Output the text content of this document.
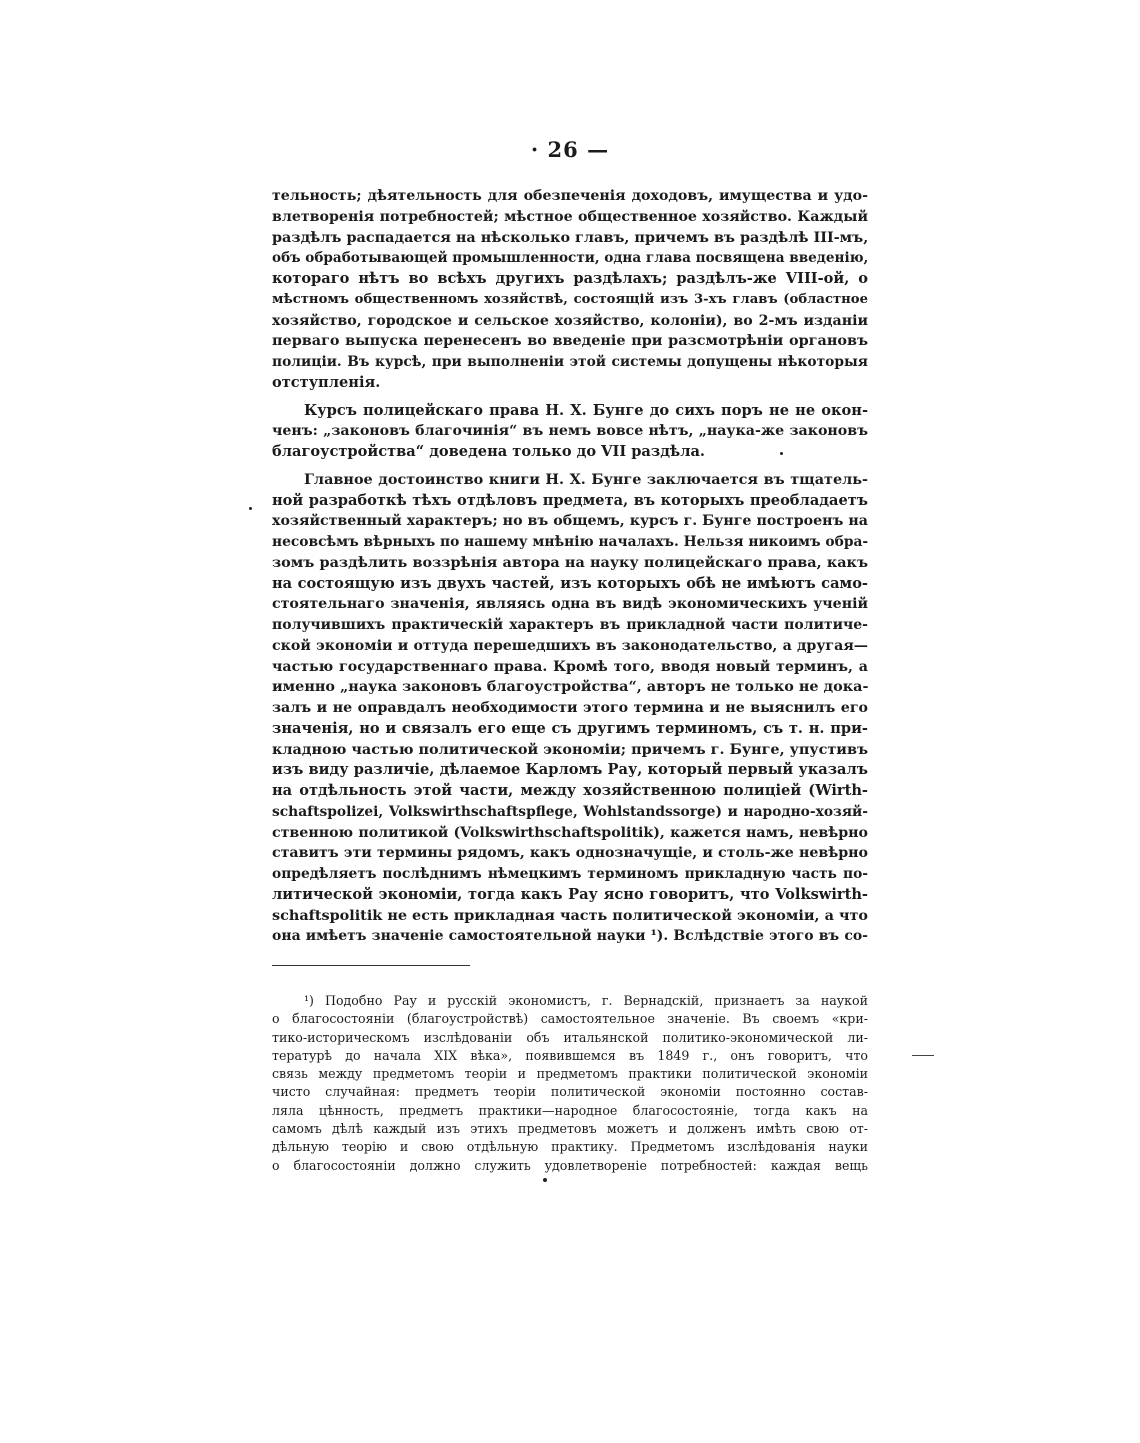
· 26 —
тельность; дѣятельность для обезпеченія доходовъ, имущества и удо-
влетворенія потребностей; мѣстное общественное хозяйство. Каждый
раздѣлъ распадается на нѣсколько главъ, причемъ въ раздѣлѣ III-мъ,
объ обработывающей промышленности, одна глава посвящена введенію,
котораго нѣтъ во всѣхъ другихъ раздѣлахъ; раздѣлъ-же VIII-ой, о
мѣстномъ общественномъ хозяйствѣ, состоящій изъ 3-хъ главъ (областное
хозяйство, городское и сельское хозяйство, колоніи), во 2-мъ изданіи
перваго выпуска перенесенъ во введеніе при разсмотрѣніи органовъ
полиціи. Въ курсѣ, при выполненіи этой системы допущены нѣкоторыя
отступленія.
Курсъ полицейскаго права Н. Х. Бунге до сихъ поръ не не окон-
ченъ: „законовъ благочинія“ въ немъ вовсе нѣтъ, „наука-же законовъ
благоустройства“ доведена только до VII раздѣла.
Главное достоинство книги Н. Х. Бунге заключается въ тщатель-
ной разработкѣ тѣхъ отдѣловъ предмета, въ которыхъ преобладаетъ
хозяйственный характеръ; но въ общемъ, курсъ г. Бунге построенъ на
несовсѣмъ вѣрныхъ по нашему мнѣнію началахъ. Нельзя никоимъ обра-
зомъ раздѣлить воззрѣнія автора на науку полицейскаго права, какъ
на состоящую изъ двухъ частей, изъ которыхъ обѣ не имѣютъ само-
стоятельнаго значенія, являясь одна въ видѣ экономическихъ ученій
получившихъ практическій характеръ въ прикладной части политиче-
ской экономіи и оттуда перешедшихъ въ законодательство, а другая—
частью государственнаго права. Кромѣ того, вводя новый терминъ, а
именно „наука законовъ благоустройства“, авторъ не только не дока-
залъ и не оправдалъ необходимости этого термина и не выяснилъ его
значенія, но и связалъ его еще съ другимъ терминомъ, съ т. н. при-
кладною частью политической экономіи; причемъ г. Бунге, упустивъ
изъ виду различіе, дѣлаемое Карломъ Рау, который первый указалъ
на отдѣльность этой части, между хозяйственною полиціей (Wirth-
schaftspolizei, Volkswirthschaftspflege, Wohlstandssorge) и народно-хозяй-
ственною политикой (Volkswirthschaftspolitik), кажется намъ, невѣрно
ставитъ эти термины рядомъ, какъ однозначущіе, и столь-же невѣрно
опредѣляетъ послѣднимъ нѣмецкимъ терминомъ прикладную часть по-
литической экономіи, тогда какъ Рау ясно говоритъ, что Volkswirth-
schaftspolitik не есть прикладная часть политической экономіи, а что
она имѣетъ значеніе самостоятельной науки ¹). Вслѣдствіе этого въ со-
¹) Подобно Рау и русскій экономистъ, г. Вернадскій, признаетъ за наукой
о благосостояніи (благоустройствѣ) самостоятельное значеніе. Въ своемъ «кри-
тико-историческомъ изслѣдованіи объ итальянской политико-экономической ли-
тературѣ до начала XIX вѣка», появившемся въ 1849 г., онъ говоритъ, что
связь между предметомъ теоріи и предметомъ практики политической экономіи
чисто случайная: предметъ теоріи политической экономіи постоянно состав-
ляла цѣнность, предметъ практики—народное благосостояніе, тогда какъ на
самомъ дѣлѣ каждый изъ этихъ предметовъ можетъ и долженъ имѣть свою от-
дѣльную теорію и свою отдѣльную практику. Предметомъ изслѣдованія науки
о благосостояніи должно служить удовлетвореніе потребностей: каждая вещь
